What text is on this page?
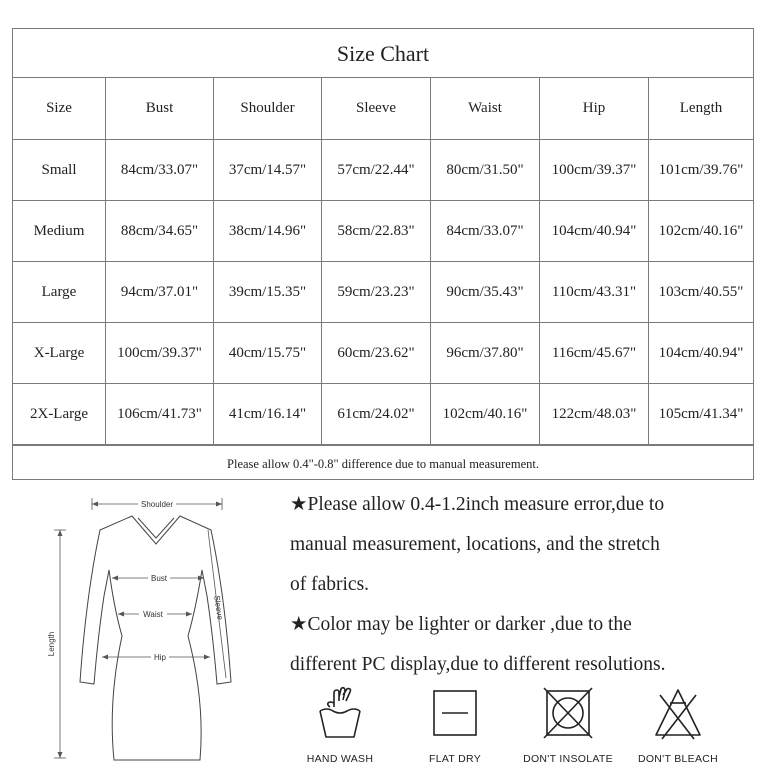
Size Chart
Size	Bust	Shoulder	Sleeve	Waist	Hip	Length
Small	84cm/33.07"	37cm/14.57"	57cm/22.44"	80cm/31.50"	100cm/39.37"	101cm/39.76"
Medium	88cm/34.65"	38cm/14.96"	58cm/22.83"	84cm/33.07"	104cm/40.94"	102cm/40.16"
Large	94cm/37.01"	39cm/15.35"	59cm/23.23"	90cm/35.43"	110cm/43.31"	103cm/40.55"
X-Large	100cm/39.37"	40cm/15.75"	60cm/23.62"	96cm/37.80"	116cm/45.67"	104cm/40.94"
2X-Large	106cm/41.73"	41cm/16.14"	61cm/24.02"	102cm/40.16"	122cm/48.03"	105cm/41.34"
Please allow 0.4"-0.8" difference due to manual measurement.
Shoulder
Bust
Waist
Hip
Length
Sleeve

★Please allow 0.4-1.2inch measure error,due to

manual measurement, locations, and the stretch

of fabrics.

★Color may be lighter or darker ,due to the

different PC display,due to different resolutions.

HAND WASH	FLAT DRY	DON'T INSOLATE	DON'T BLEACH
